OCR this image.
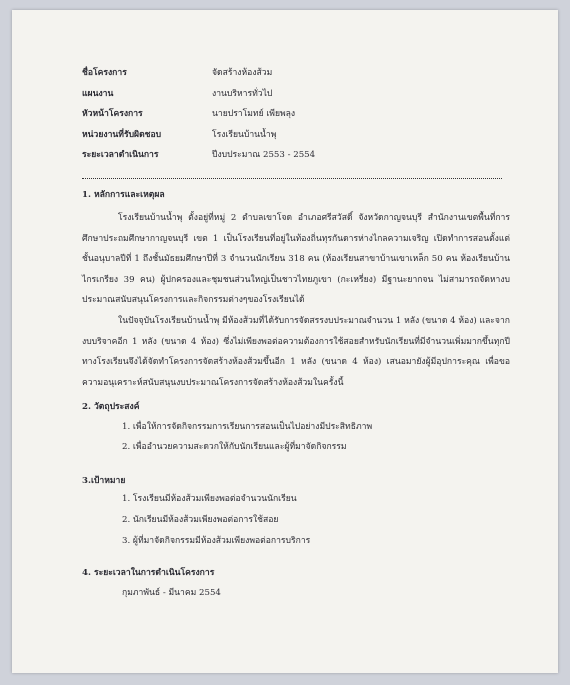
ชื่อโครงการ	จัดสร้างห้องส้วม
แผนงาน	งานบริหารทั่วไป
หัวหน้าโครงการ	นายปราโมทย์ เพียพลุง
หน่วยงานที่รับผิดชอบ	โรงเรียนบ้านน้ำพุ
ระยะเวลาดำเนินการ	ปีงบประมาณ 2553 - 2554
1. หลักการและเหตุผล

โรงเรียนบ้านน้ำพุ ตั้งอยู่ที่หมู่ 2 ตำบลเขาโจด อำเภอศรีสวัสดิ์ จังหวัดกาญจนบุรี สำนักงานเขตพื้นที่การศึกษาประถมศึกษากาญจนบุรี เขต 1 เป็นโรงเรียนที่อยู่ในท้องถิ่นทุรกันดารห่างไกลความเจริญ เปิดทำการสอนตั้งแต่ชั้นอนุบาลปีที่ 1 ถึงชั้นมัธยมศึกษาปีที่ 3 จำนวนนักเรียน 318 คน (ห้องเรียนสาขาบ้านเขาเหล็ก 50 คน ห้องเรียนบ้านไกรเกรียง 39 คน) ผู้ปกครองและชุมชนส่วนใหญ่เป็นชาวไทยภูเขา (กะเหรี่ยง) มีฐานะยากจน ไม่สามารถจัดหางบประมาณสนับสนุนโครงการและกิจกรรมต่างๆของโรงเรียนได้

ในปัจจุบันโรงเรียนบ้านน้ำพุ มีห้องส้วมที่ได้รับการจัดสรรงบประมาณจำนวน 1 หลัง (ขนาด 4 ห้อง) และจากงบบริจาคอีก 1 หลัง (ขนาด 4 ห้อง) ซึ่งไม่เพียงพอต่อความต้องการใช้สอยสำหรับนักเรียนที่มีจำนวนเพิ่มมากขึ้นทุกปี ทางโรงเรียนจึงได้จัดทำโครงการจัดสร้างห้องส้วมขึ้นอีก 1 หลัง (ขนาด 4 ห้อง) เสนอมายังผู้มีอุปการะคุณ เพื่อขอความอนุเคราะห์สนับสนุนงบประมาณโครงการจัดสร้างห้องส้วมในครั้งนี้

2. วัตถุประสงค์
1. เพื่อให้การจัดกิจกรรมการเรียนการสอนเป็นไปอย่างมีประสิทธิภาพ
2. เพื่ออำนวยความสะดวกให้กับนักเรียนและผู้ที่มาจัดกิจกรรม
3.เป้าหมาย
1. โรงเรียนมีห้องส้วมเพียงพอต่อจำนวนนักเรียน
2. นักเรียนมีห้องส้วมเพียงพอต่อการใช้สอย
3. ผู้ที่มาจัดกิจกรรมมีห้องส้วมเพียงพอต่อการบริการ
4. ระยะเวลาในการดำเนินโครงการ
กุมภาพันธ์ - มีนาคม 2554
